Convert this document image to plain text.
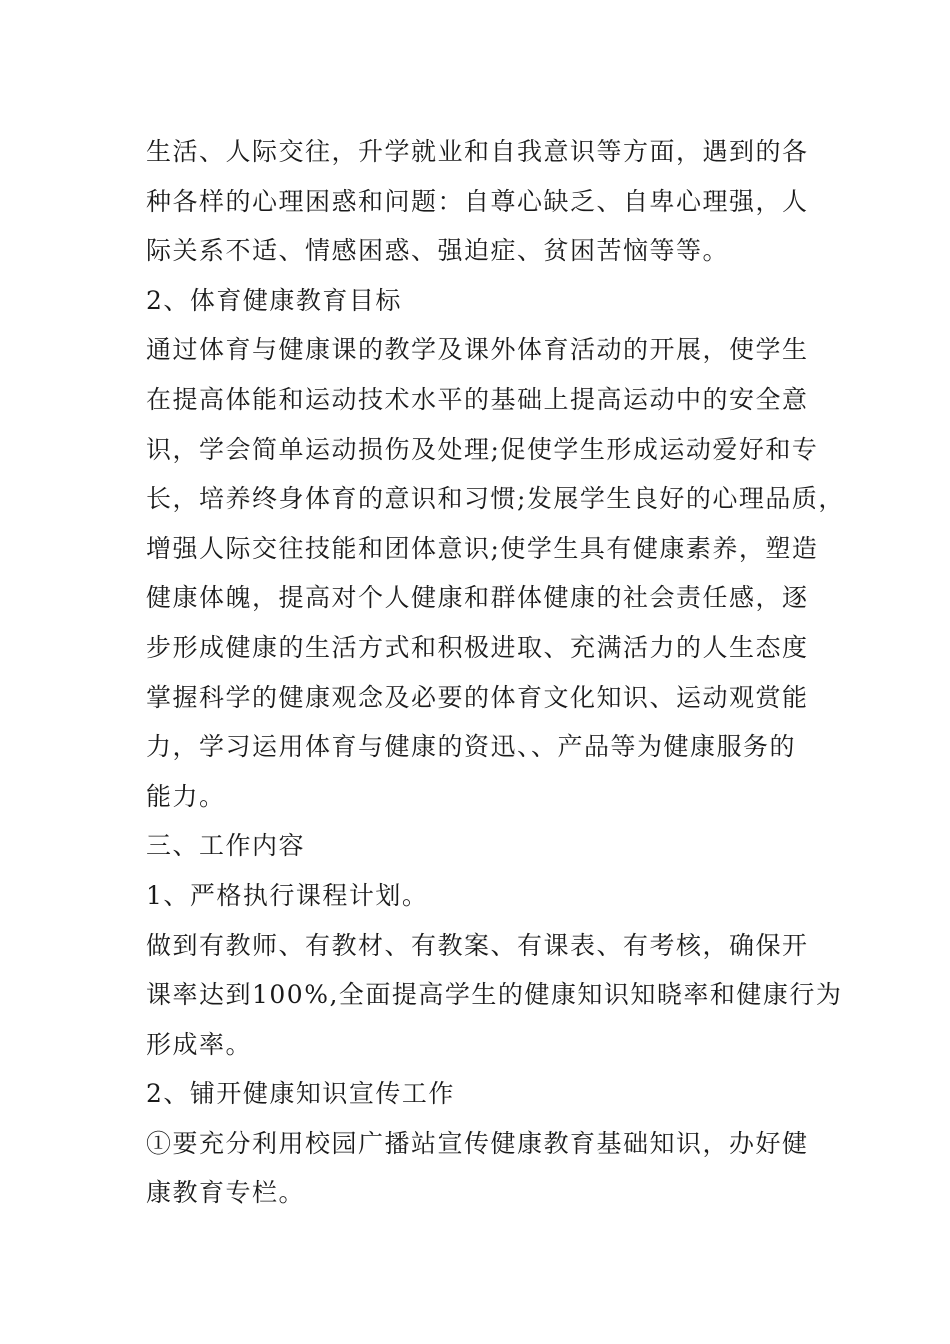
生活、人际交往，升学就业和自我意识等方面，遇到的各
种各样的心理困惑和问题：自尊心缺乏、自卑心理强，人
际关系不适、情感困惑、强迫症、贫困苦恼等等。
2、体育健康教育目标
通过体育与健康课的教学及课外体育活动的开展，使学生
在提高体能和运动技术水平的基础上提高运动中的安全意
识，学会简单运动损伤及处理;促使学生形成运动爱好和专
长，培养终身体育的意识和习惯;发展学生良好的心理品质，
增强人际交往技能和团体意识;使学生具有健康素养，塑造
健康体魄，提高对个人健康和群体健康的社会责任感，逐
步形成健康的生活方式和积极进取、充满活力的人生态度
掌握科学的健康观念及必要的体育文化知识、运动观赏能
力，学习运用体育与健康的资迅、、产品等为健康服务的
能力。
三、工作内容
1、严格执行课程计划。
做到有教师、有教材、有教案、有课表、有考核，确保开
课率达到100%,全面提高学生的健康知识知晓率和健康行为
形成率。
2、铺开健康知识宣传工作
①要充分利用校园广播站宣传健康教育基础知识，办好健
康教育专栏。
